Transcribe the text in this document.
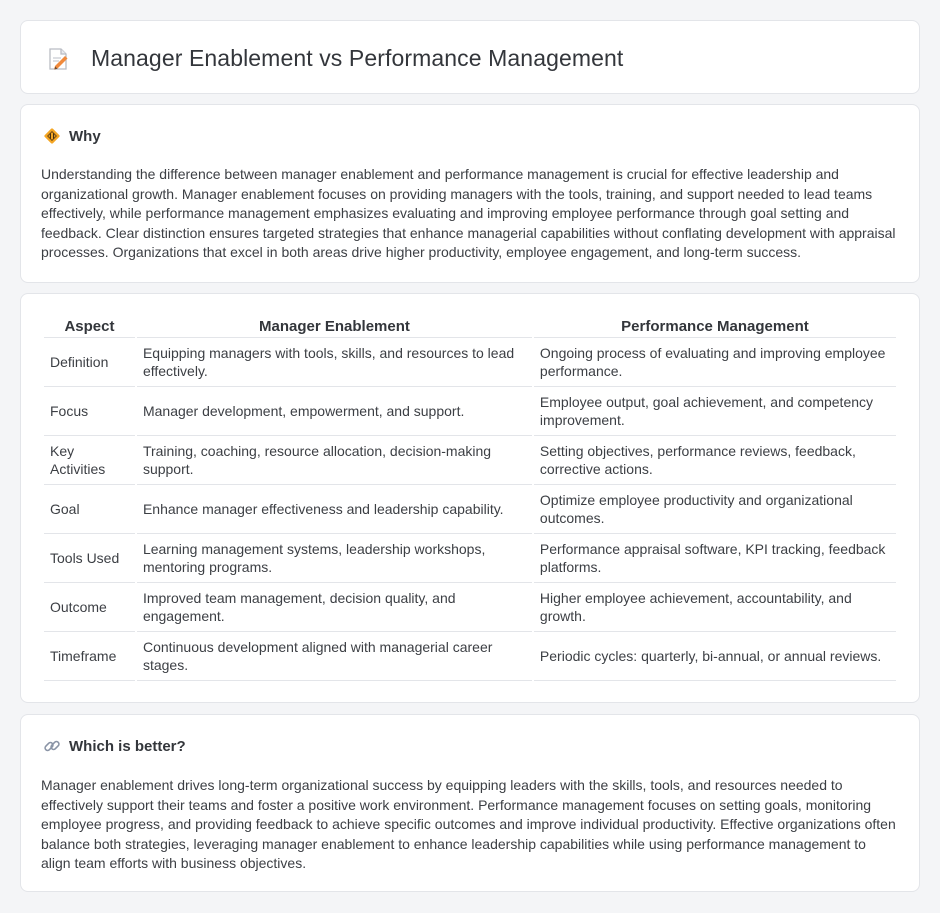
Manager Enablement vs Performance Management
Why

Understanding the difference between manager enablement and performance management is crucial for effective leadership and organizational growth. Manager enablement focuses on providing managers with the tools, training, and support needed to lead teams effectively, while performance management emphasizes evaluating and improving employee performance through goal setting and feedback. Clear distinction ensures targeted strategies that enhance managerial capabilities without conflating development with appraisal processes. Organizations that excel in both areas drive higher productivity, employee engagement, and long-term success.

Aspect	Manager Enablement	Performance Management
Definition	Equipping managers with tools, skills, and resources to lead effectively.	Ongoing process of evaluating and improving employee performance.
Focus	Manager development, empowerment, and support.	Employee output, goal achievement, and competency improvement.
Key Activities	Training, coaching, resource allocation, decision-making support.	Setting objectives, performance reviews, feedback, corrective actions.
Goal	Enhance manager effectiveness and leadership capability.	Optimize employee productivity and organizational outcomes.
Tools Used	Learning management systems, leadership workshops, mentoring programs.	Performance appraisal software, KPI tracking, feedback platforms.
Outcome	Improved team management, decision quality, and engagement.	Higher employee achievement, accountability, and growth.
Timeframe	Continuous development aligned with managerial career stages.	Periodic cycles: quarterly, bi-annual, or annual reviews.
Which is better?

Manager enablement drives long-term organizational success by equipping leaders with the skills, tools, and resources needed to effectively support their teams and foster a positive work environment. Performance management focuses on setting goals, monitoring employee progress, and providing feedback to achieve specific outcomes and improve individual productivity. Effective organizations often balance both strategies, leveraging manager enablement to enhance leadership capabilities while using performance management to align team efforts with business objectives.
